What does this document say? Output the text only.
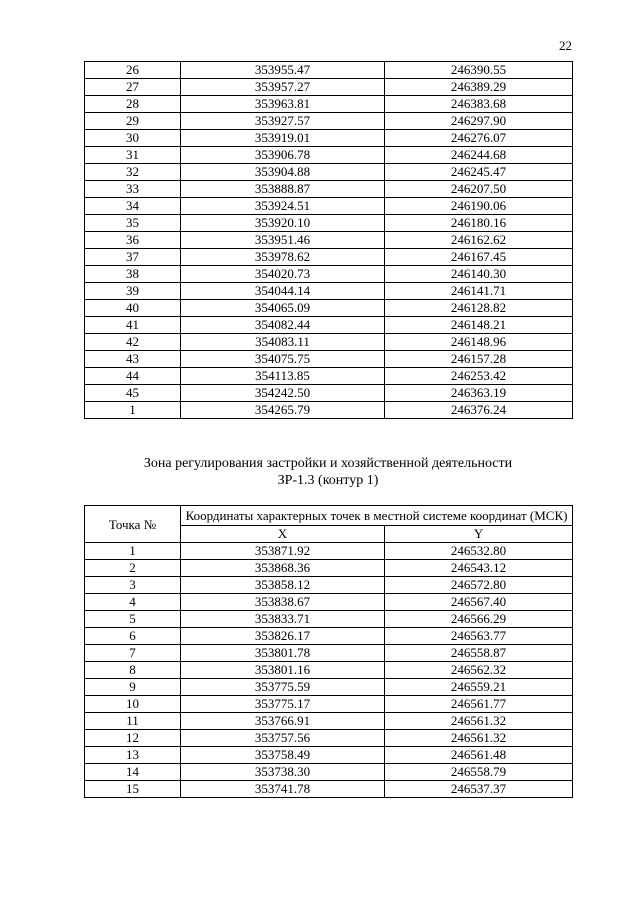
22
26	353955.47	246390.55
27	353957.27	246389.29
28	353963.81	246383.68
29	353927.57	246297.90
30	353919.01	246276.07
31	353906.78	246244.68
32	353904.88	246245.47
33	353888.87	246207.50
34	353924.51	246190.06
35	353920.10	246180.16
36	353951.46	246162.62
37	353978.62	246167.45
38	354020.73	246140.30
39	354044.14	246141.71
40	354065.09	246128.82
41	354082.44	246148.21
42	354083.11	246148.96
43	354075.75	246157.28
44	354113.85	246253.42
45	354242.50	246363.19
1	354265.79	246376.24
Зона регулирования застройки и хозяйственной деятельности
ЗР-1.3 (контур 1)
Точка №	Координаты характерных точек в местной системе координат (МСК)	
	X	Y
1	353871.92	246532.80
2	353868.36	246543.12
3	353858.12	246572.80
4	353838.67	246567.40
5	353833.71	246566.29
6	353826.17	246563.77
7	353801.78	246558.87
8	353801.16	246562.32
9	353775.59	246559.21
10	353775.17	246561.77
11	353766.91	246561.32
12	353757.56	246561.32
13	353758.49	246561.48
14	353738.30	246558.79
15	353741.78	246537.37
